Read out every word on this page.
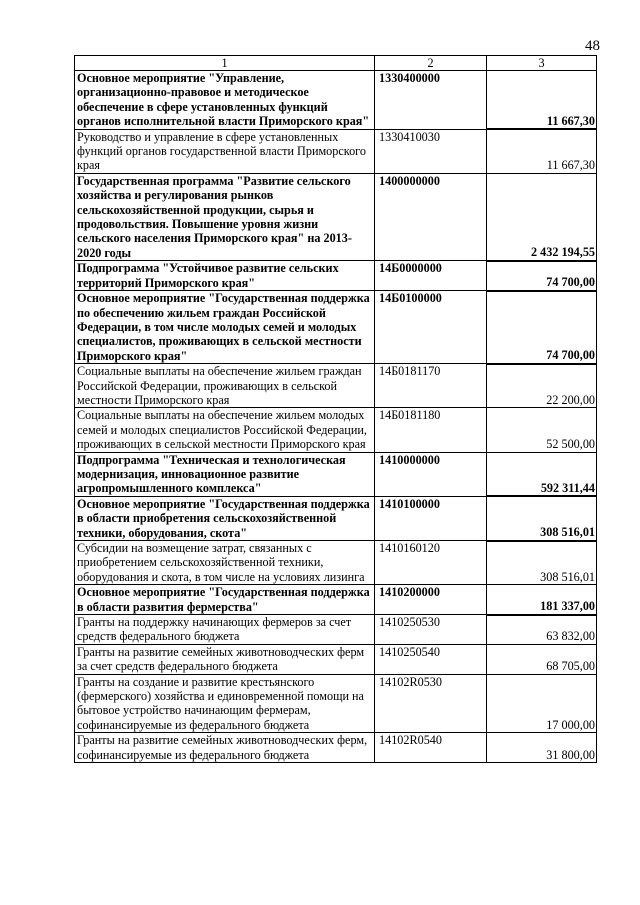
48
1	2	3
Основное мероприятие "Управление, организационно-правовое и методическое обеспечение в сфере установленных функций органов исполнительной власти Приморского края"	1330400000	11 667,30
Руководство и управление в сфере установленных функций органов государственной власти Приморского края	1330410030	11 667,30
Государственная программа "Развитие сельского хозяйства и регулирования рынков сельскохозяйственной продукции, сырья и продовольствия. Повышение уровня жизни сельского населения Приморского края" на 2013-2020 годы	1400000000	2 432 194,55
Подпрограмма "Устойчивое развитие сельских территорий Приморского края"	14Б0000000	74 700,00
Основное мероприятие "Государственная поддержка по обеспечению жильем граждан Российской Федерации, в том числе молодых семей и молодых специалистов, проживающих в сельской местности Приморского края"	14Б0100000	74 700,00
Социальные выплаты на обеспечение жильем граждан Российской Федерации, проживающих в сельской местности Приморского края	14Б0181170	22 200,00
Социальные выплаты на обеспечение жильем молодых семей и молодых специалистов Российской Федерации, проживающих в сельской местности Приморского края	14Б0181180	52 500,00
Подпрограмма "Техническая и технологическая модернизация, инновационное развитие агропромышленного комплекса"	1410000000	592 311,44
Основное мероприятие "Государственная поддержка в области приобретения сельскохозяйственной техники, оборудования, скота"	1410100000	308 516,01
Субсидии на возмещение затрат, связанных с приобретением сельскохозяйственной техники, оборудования и скота, в том числе на условиях лизинга	1410160120	308 516,01
Основное мероприятие "Государственная поддержка в области развития фермерства"	1410200000	181 337,00
Гранты на поддержку начинающих фермеров за счет средств федерального бюджета	1410250530	63 832,00
Гранты на развитие семейных животноводческих ферм за счет средств федерального бюджета	1410250540	68 705,00
Гранты на создание и развитие крестьянского (фермерского) хозяйства и единовременной помощи на бытовое устройство начинающим фермерам, софинансируемые из федерального бюджета	14102R0530	17 000,00
Гранты на развитие семейных животноводческих ферм, софинансируемые из федерального бюджета	14102R0540	31 800,00
